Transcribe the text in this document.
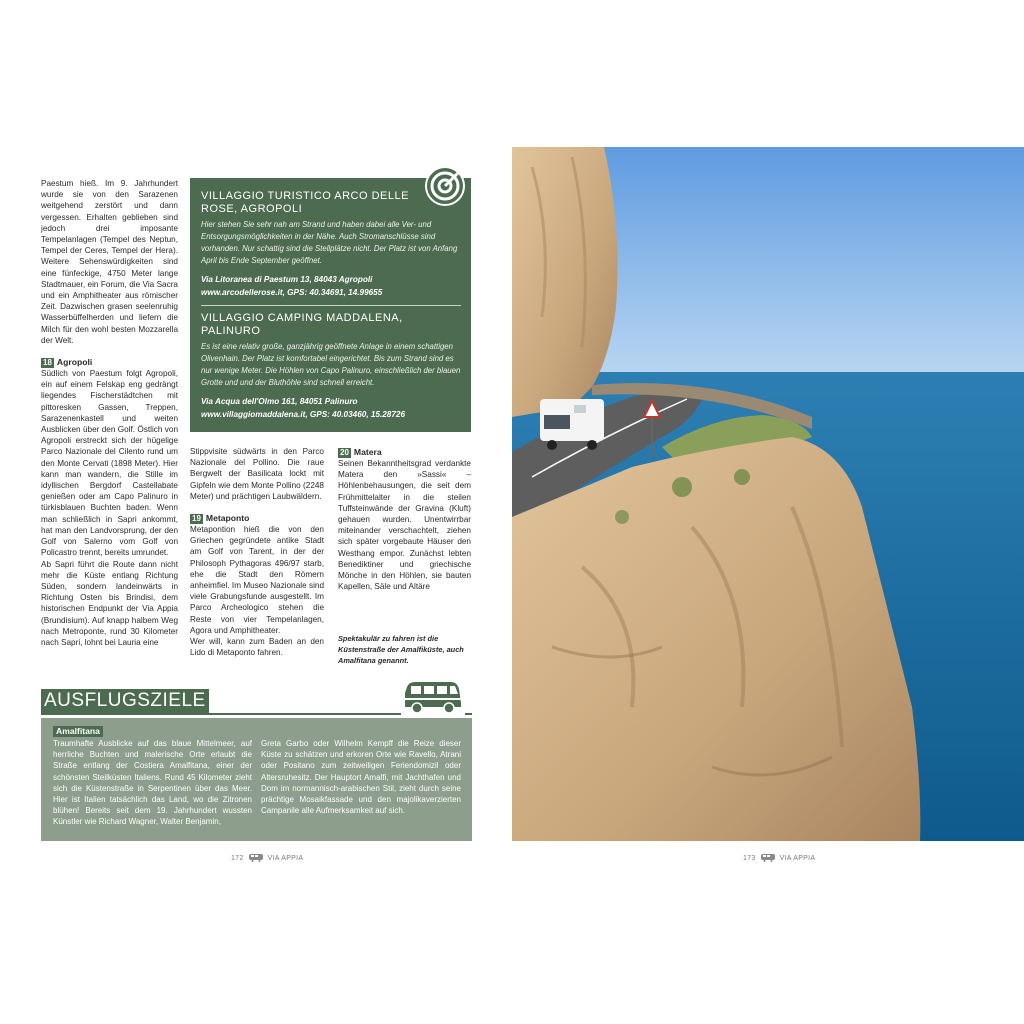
Paestum hieß. Im 9. Jahrhundert wurde sie von den Sarazenen weitgehend zerstört und dann vergessen. Erhalten geblieben sind jedoch drei imposante Tempelanlagen (Tempel des Neptun, Tempel der Ceres, Tempel der Hera). Weitere Sehenswürdigkeiten sind eine fünfeckige, 4750 Meter lange Stadtmauer, ein Forum, die Via Sacra und ein Amphitheater aus römischer Zeit. Dazwischen grasen seelenruhig Wasserbüffelherden und liefern die Milch für den wohl besten Mozzarella der Welt.

18 Agropoli

Südlich von Paestum folgt Agropoli, ein auf einem Felskap eng gedrängt liegendes Fischerstädtchen mit pittoresken Gassen, Treppen, Sarazenenkastell und weiten Ausblicken über den Golf. Östlich von Agropoli erstreckt sich der hügelige Parco Nazionale del Cilento rund um den Monte Cervati (1898 Meter). Hier kann man wandern, die Stille im idyllischen Bergdorf Castellabate genießen oder am Capo Palinuro in türkisblauen Buchten baden. Wenn man schließlich in Sapri ankommt, hat man den Landvorsprung, der den Golf von Salerno vom Golf von Policastro trennt, bereits umrundet.

Ab Sapri führt die Route dann nicht mehr die Küste entlang Richtung Süden, sondern landeinwärts in Richtung Osten bis Brindisi, dem historischen Endpunkt der Via Appia (Brundisium). Auf knapp halbem Weg nach Metroponte, rund 30 Kilometer nach Sapri, lohnt bei Lauria eine

VILLAGGIO TURISTICO ARCO DELLE ROSE, AGROPOLI
Hier stehen Sie sehr nah am Strand und haben dabei alle Ver- und Entsorgungsmöglichkeiten in der Nähe. Auch Stromanschlüsse sind vorhanden. Nur schattig sind die Stellplätze nicht. Der Platz ist von Anfang April bis Ende September geöffnet.
Via Litoranea di Paestum 13, 84043 Agropoli
www.arcodellerose.it, GPS: 40.34691, 14.99655
VILLAGGIO CAMPING MADDALENA, PALINURO
Es ist eine relativ große, ganzjährig geöffnete Anlage in einem schattigen Olivenhain. Der Platz ist komfortabel eingerichtet. Bis zum Strand sind es nur wenige Meter. Die Höhlen von Capo Palinuro, einschließlich der blauen Grotte und und der Bluthöhle sind schnell erreicht.
Via Acqua dell'Olmo 161, 84051 Palinuro
www.villaggiomaddalena.it, GPS: 40.03460, 15.28726

Stippvisite südwärts in den Parco Nazionale del Pollino. Die raue Bergwelt der Basilicata lockt mit Gipfeln wie dem Monte Pollino (2248 Meter) und prächtigen Laubwäldern.

19 Metaponto

Metapontion hieß die von den Griechen gegründete antike Stadt am Golf von Tarent, in der der Philosoph Pythagoras 496/97 starb, ehe die Stadt den Römern anheimfiel. Im Museo Nazionale sind viele Grabungsfunde ausgestellt. Im Parco Archeologico stehen die Reste von vier Tempelanlagen, Agora und Amphitheater.

Wer will, kann zum Baden an den Lido di Metaponto fahren.

20 Matera

Seinen Bekanntheitsgrad verdankte Matera den »Sassi« – Höhlenbehausungen, die seit dem Frühmittelalter in die steilen Tuffsteinwände der Gravina (Kluft) gehauen wurden. Unentwirrbar miteinander verschachtelt, ziehen sich später vorgebaute Häuser den Westhang empor. Zunächst lebten Benediktiner und griechische Mönche in den Höhlen, sie bauten Kapellen, Säle und Altäre

Spektakulär zu fahren ist die Küstenstraße der Amalfiküste, auch Amalfitana genannt.
AUSFLUGSZIELE
Amalfitana
Traumhafte Ausblicke auf das blaue Mittelmeer, auf herrliche Buchten und malerische Orte erlaubt die Straße entlang der Costiera Amalfitana, einer der schönsten Steilküsten Italiens. Rund 45 Kilometer zieht sich die Küstenstraße in Serpentinen über das Meer. Hier ist Italien tatsächlich das Land, wo die Zitronen blühen! Bereits seit dem 19. Jahrhundert wussten Künstler wie Richard Wagner, Walter Benjamin,
Greta Garbo oder Wilhelm Kempff die Reize dieser Küste zu schätzen und erkoren Orte wie Ravello, Atrani oder Positano zum zeitweiligen Feriendomizil oder Altersruhesitz. Der Hauptort Amalfi, mit Jachthafen und Dom im normannisch-arabischen Stil, zieht durch seine prächtige Mosaikfassade und den majolikaverzierten Campanile alle Aufmerksamkeit auf sich.
172	VIA APPIA	173	VIA APPIA
